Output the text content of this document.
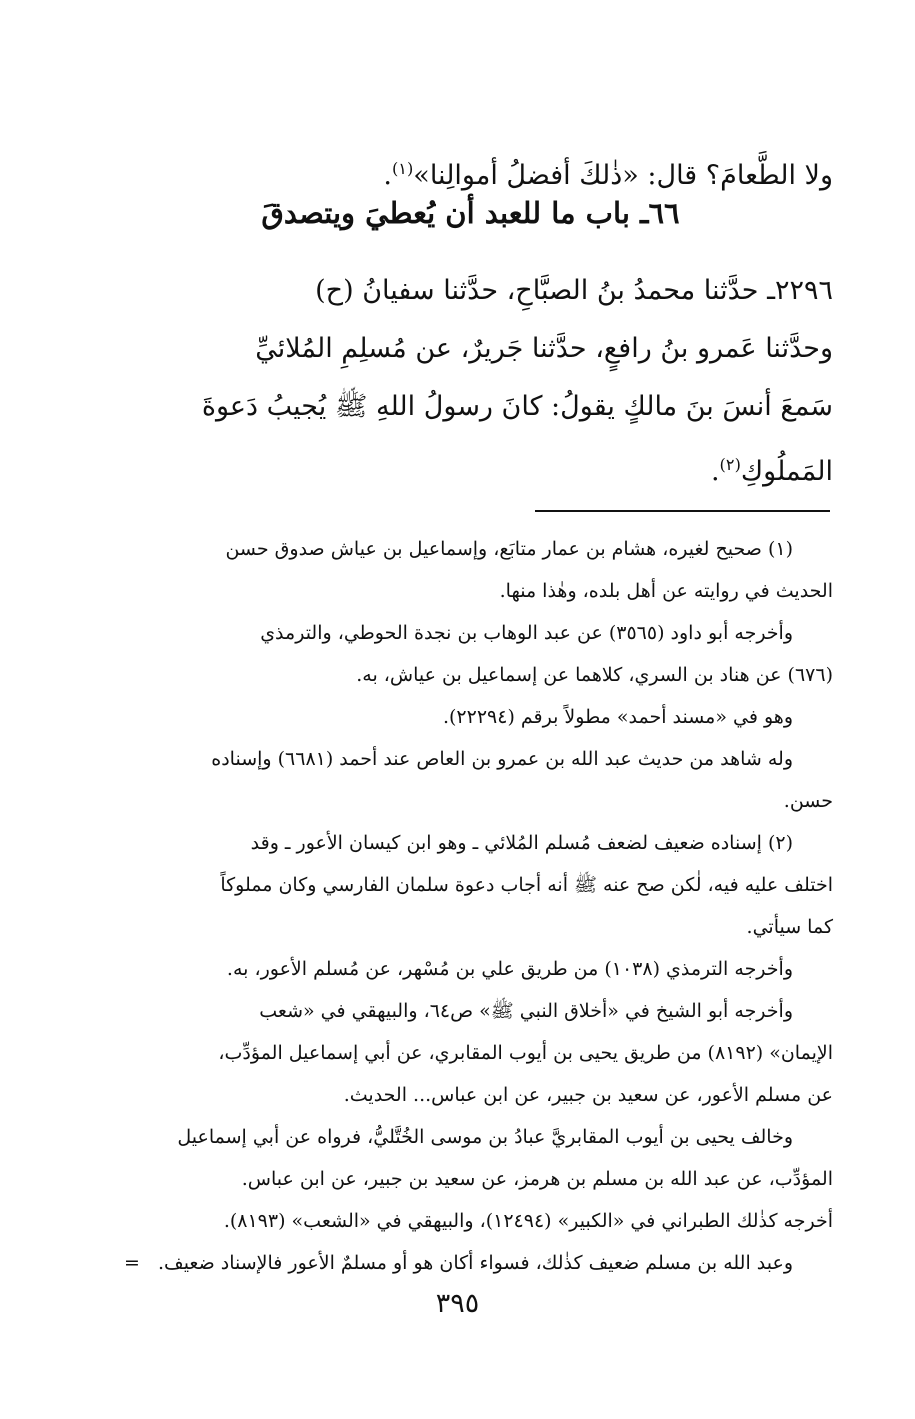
ولا الطَّعامَ؟ قال: «ذٰلكَ أفضلُ أموالِنا»$^{(١)}$.
٦٦ـ باب ما للعبد أن يُعطيَ ويتصدقَ
٢٢٩٦ـ حدَّثنا محمدُ بنُ الصبَّاحِ، حدَّثنا سفيانُ (ح)
وحدَّثنا عَمرو بنُ رافعٍ، حدَّثنا جَريرٌ، عن مُسلِمِ المُلائيِّ
سَمعَ أنسَ بنَ مالكٍ يقولُ: كانَ رسولُ اللهِ ﷺ يُجيبُ دَعوةَ
المَملُوكِ$^{(٢)}$.

(١) صحيح لغيره، هشام بن عمار متابَع، وإسماعيل بن عياش صدوق حسن

الحديث في روايته عن أهل بلده، وهٰذا منها.

وأخرجه أبو داود (٣٥٦٥) عن عبد الوهاب بن نجدة الحوطي، والترمذي

(٦٧٦) عن هناد بن السري، كلاهما عن إسماعيل بن عياش، به.

وهو في «مسند أحمد» مطولاً برقم (٢٢٢٩٤).

وله شاهد من حديث عبد الله بن عمرو بن العاص عند أحمد (٦٦٨١) وإسناده

حسن.

(٢) إسناده ضعيف لضعف مُسلم المُلائي ـ وهو ابن كيسان الأعور ـ وقد

اختلف عليه فيه، لٰكن صح عنه ﷺ أنه أجاب دعوة سلمان الفارسي وكان مملوكاً

كما سيأتي.

وأخرجه الترمذي (١٠٣٨) من طريق علي بن مُسْهر، عن مُسلم الأعور، به.

وأخرجه أبو الشيخ في «أخلاق النبي ﷺ» ص٦٤، والبيهقي في «شعب

الإيمان» (٨١٩٢) من طريق يحيى بن أيوب المقابري، عن أبي إسماعيل المؤدِّب،

عن مسلم الأعور، عن سعيد بن جبير، عن ابن عباس... الحديث.

وخالف يحيى بن أيوب المقابريَّ عبادُ بن موسى الخُتَّليُّ، فرواه عن أبي إسماعيل

المؤدِّب، عن عبد الله بن مسلم بن هرمز، عن سعيد بن جبير، عن ابن عباس.

أخرجه كذٰلك الطبراني في «الكبير» (١٢٤٩٤)، والبيهقي في «الشعب» (٨١٩٣).

وعبد الله بن مسلم ضعيف كذٰلك، فسواء أكان هو أو مسلمٌ الأعور فالإسناد ضعيف.   =

٣٩٥
